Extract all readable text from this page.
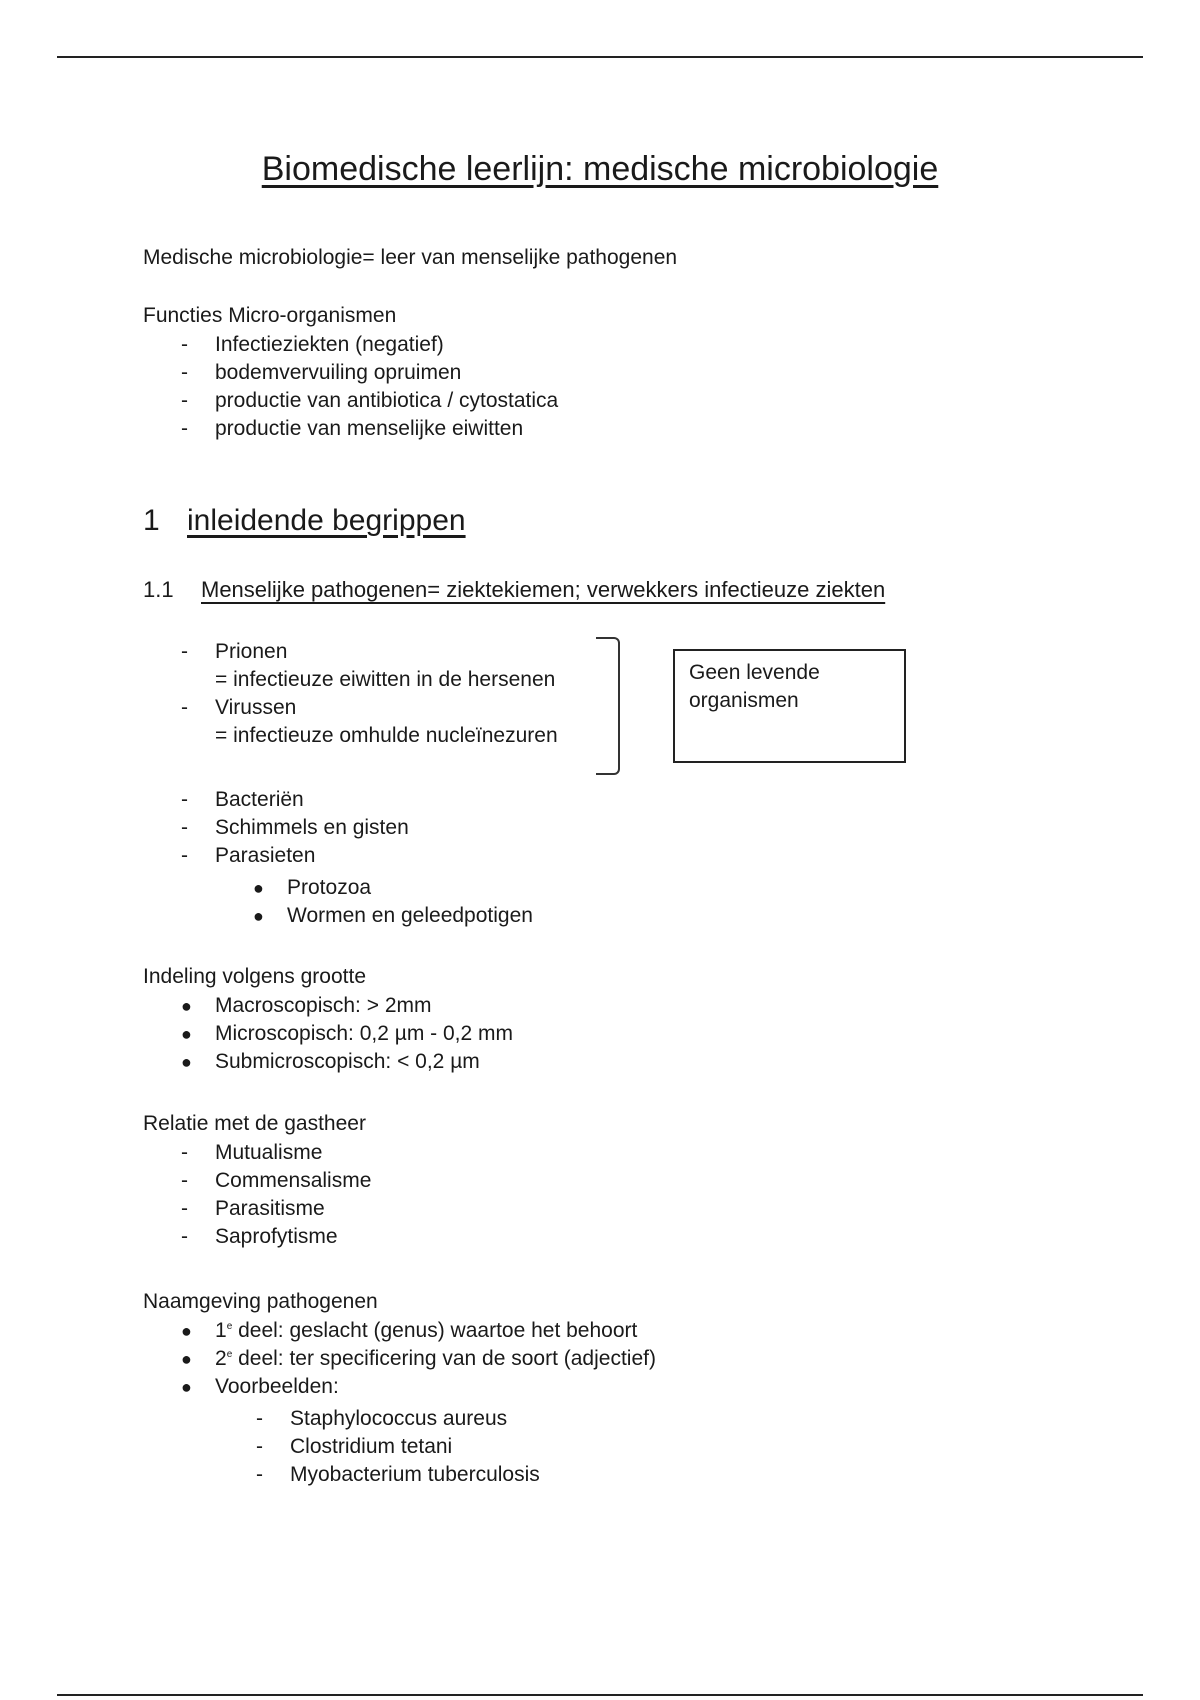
Biomedische leerlijn: medische microbiologie
Medische microbiologie= leer van menselijke pathogenen
Functies Micro-organismen
- Infectieziekten (negatief)
- bodemvervuiling opruimen
- productie van antibiotica / cytostatica
- productie van menselijke eiwitten
1 inleidende begrippen
1.1 Menselijke pathogenen= ziektekiemen; verwekkers infectieuze ziekten
- Prionen
= infectieuze eiwitten in de hersenen
- Virussen
= infectieuze omhulde nucleïnezuren
Geen levende organismen
- Bacteriën
- Schimmels en gisten
- Parasieten
● Protozoa
● Wormen en geleedpotigen
Indeling volgens grootte
● Macroscopisch: > 2mm
● Microscopisch: 0,2 µm - 0,2 mm
● Submicroscopisch: < 0,2 µm
Relatie met de gastheer
- Mutualisme
- Commensalisme
- Parasitisme
- Saprofytisme
Naamgeving pathogenen
● 1e deel: geslacht (genus) waartoe het behoort
● 2e deel: ter specificering van de soort (adjectief)
● Voorbeelden:
- Staphylococcus aureus
- Clostridium tetani
- Myobacterium tuberculosis
